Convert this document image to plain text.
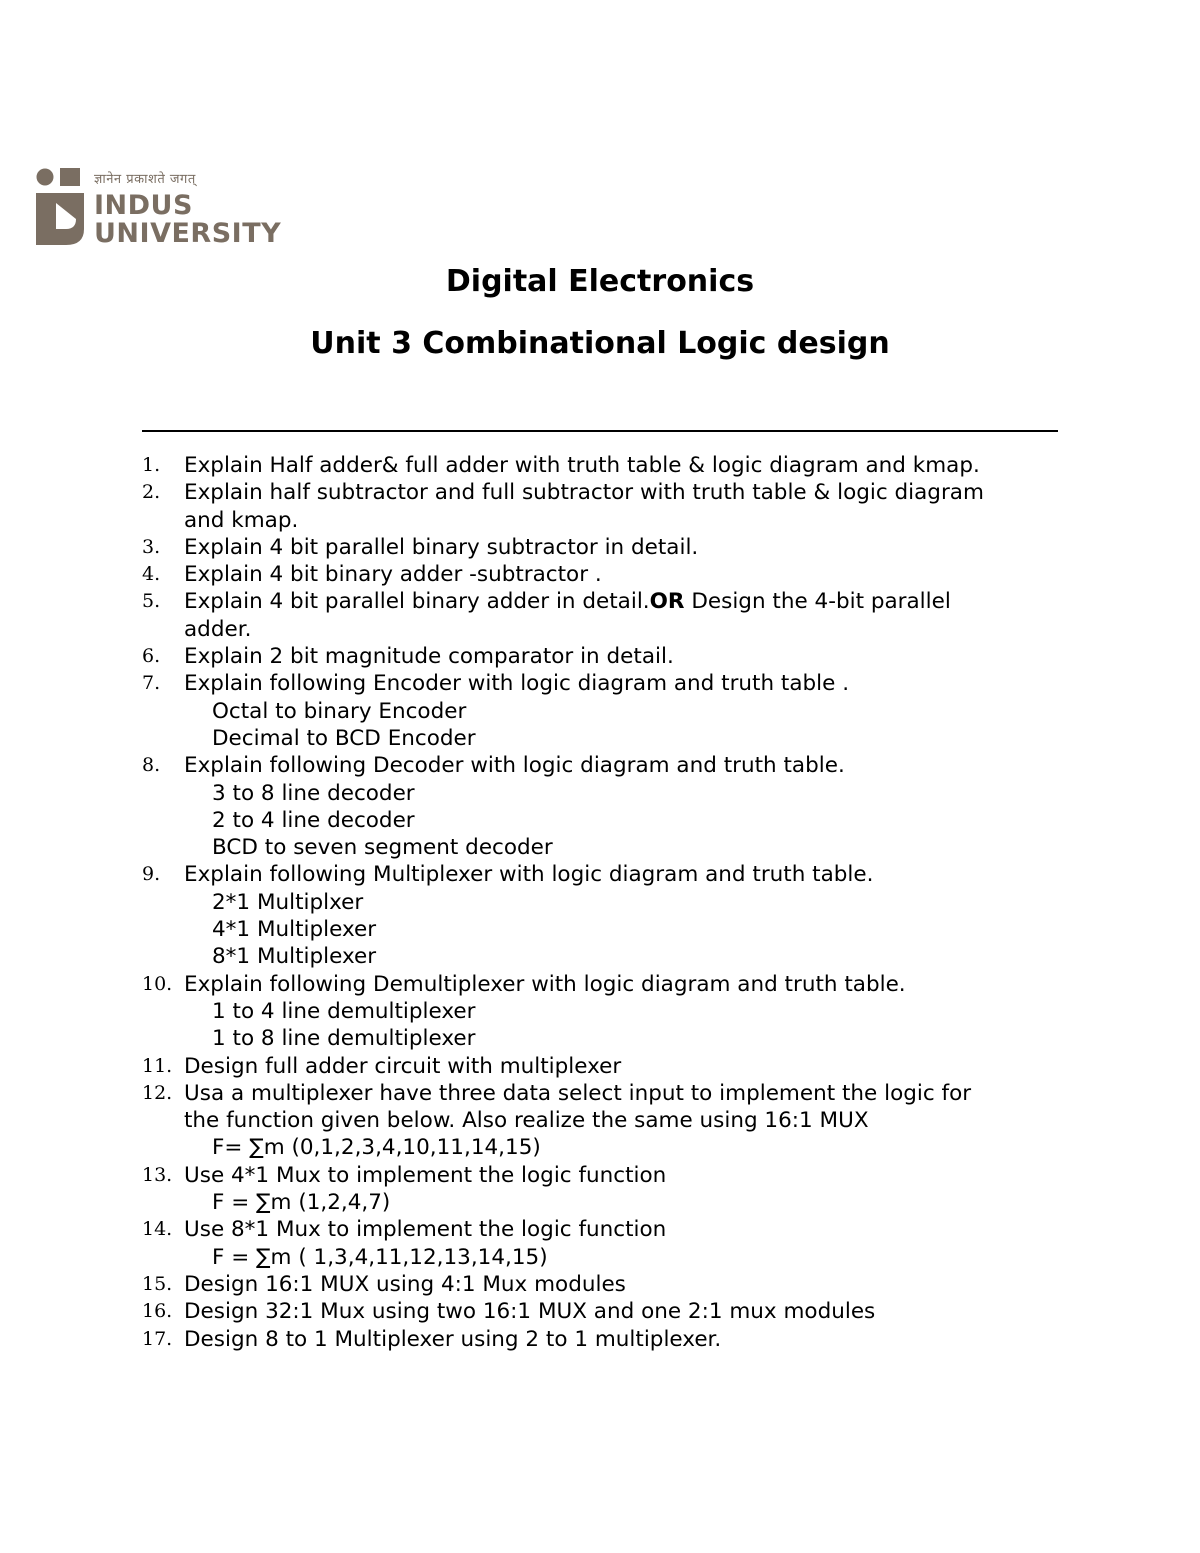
ज्ञानेन प्रकाशते जगत्
INDUS
UNIVERSITY
Digital Electronics
Unit 3 Combinational Logic design
1.	Explain Half adder& full adder with truth table & logic diagram and kmap.
2.	Explain half subtractor and full subtractor with truth table & logic diagram
and kmap.
3.	Explain 4 bit parallel binary subtractor in detail.
4.	Explain 4 bit binary adder -subtractor .
5.	Explain 4 bit parallel binary adder in detail.OR Design the 4-bit parallel
adder.
6.	Explain 2 bit magnitude comparator in detail.
7.	Explain following Encoder with logic diagram and truth table .
Octal to binary Encoder
Decimal to BCD Encoder
8.	Explain following Decoder with logic diagram and truth table.
3 to 8 line decoder
2 to 4 line decoder
BCD to seven segment decoder
9.	Explain following Multiplexer with logic diagram and truth table.
2*1 Multiplxer
4*1 Multiplexer
8*1 Multiplexer
10. Explain following Demultiplexer with logic diagram and truth table.
1 to 4 line demultiplexer
1 to 8 line demultiplexer
11. Design full adder circuit with multiplexer
12. Usa a multiplexer have three data select input to implement the logic for
the function given below. Also realize the same using 16:1 MUX
F= ∑m (0,1,2,3,4,10,11,14,15)
13. Use 4*1 Mux to implement the logic function
F = ∑m (1,2,4,7)
14. Use 8*1 Mux to implement the logic function
F = ∑m ( 1,3,4,11,12,13,14,15)
15. Design 16:1 MUX using 4:1 Mux modules
16. Design 32:1 Mux using two 16:1 MUX and one 2:1 mux modules
17. Design 8 to 1 Multiplexer using 2 to 1 multiplexer.
